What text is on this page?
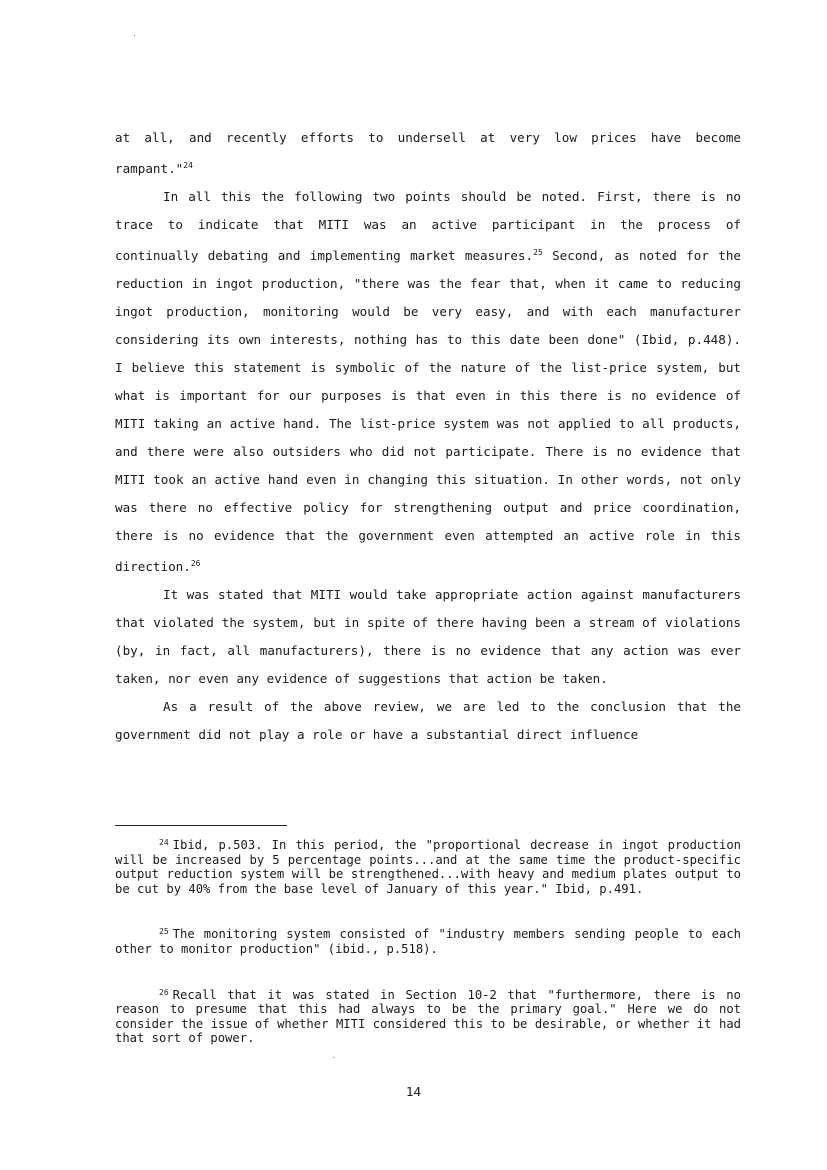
at all, and recently efforts to undersell at very low prices have become rampant."$^{24}$

In all this the following two points should be noted. First, there is no trace to indicate that MITI was an active participant in the process of continually debating and implementing market measures.$^{25}$ Second, as noted for the reduction in ingot production, "there was the fear that, when it came to reducing ingot production, monitoring would be very easy, and with each manufacturer considering its own interests, nothing has to this date been done" (Ibid, p.448). I believe this statement is symbolic of the nature of the list-price system, but what is important for our purposes is that even in this there is no evidence of MITI taking an active hand. The list-price system was not applied to all products, and there were also outsiders who did not participate. There is no evidence that MITI took an active hand even in changing this situation. In other words, not only was there no effective policy for strengthening output and price coordination, there is no evidence that the government even attempted an active role in this direction.$^{26}$

It was stated that MITI would take appropriate action against manufacturers that violated the system, but in spite of there having been a stream of violations (by, in fact, all manufacturers), there is no evidence that any action was ever taken, nor even any evidence of suggestions that action be taken.

As a result of the above review, we are led to the conclusion that the government did not play a role or have a substantial direct influence

$^{24}$ Ibid, p.503. In this period, the "proportional decrease in ingot production will be increased by 5 percentage points...and at the same time the product-specific output reduction system will be strengthened...with heavy and medium plates output to be cut by 40% from the base level of January of this year." Ibid, p.491.

$^{25}$ The monitoring system consisted of "industry members sending people to each other to monitor production" (ibid., p.518).

$^{26}$ Recall that it was stated in Section 10-2 that "furthermore, there is no reason to presume that this had always to be the primary goal." Here we do not consider the issue of whether MITI considered this to be desirable, or whether it had that sort of power.

14
